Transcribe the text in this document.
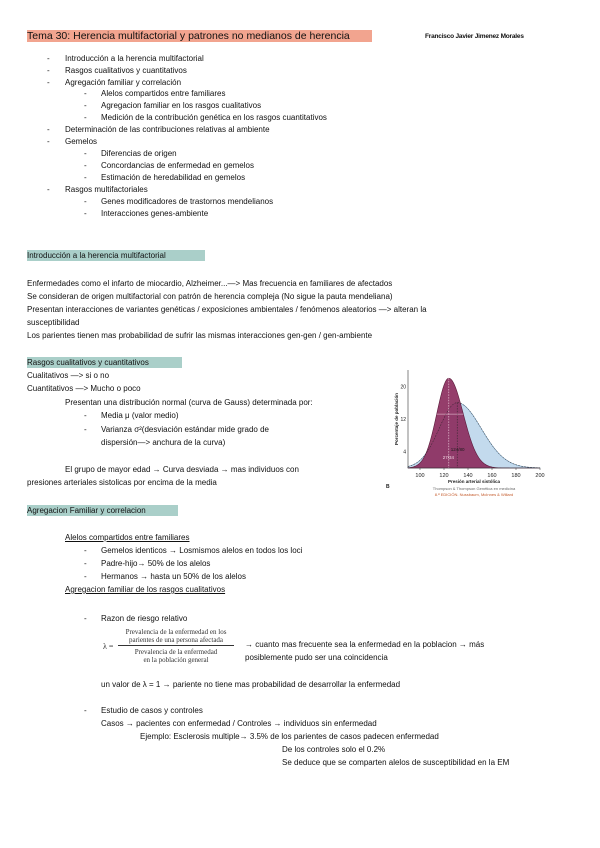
Tema 30: Herencia multifactorial y patrones no medianos de herencia	Francisco Javier Jimenez Morales
- Introducción a la herencia multifactorial
- Rasgos cualitativos y cuantitativos
- Agregación familiar y correlación
- Alelos compartidos entre familiares
- Agregacion familiar en los rasgos cualitativos
- Medición de la contribución genética en los rasgos cuantitativos
- Determinación de las contribuciones relativas al ambiente
- Gemelos
- Diferencias de origen
- Concordancias de enfermedad en gemelos
- Estimación de heredabilidad en gemelos
- Rasgos multifactoriales
- Genes modificadores de trastornos mendelianos
- Interacciones genes-ambiente
Introducción a la herencia multifactorial
Enfermedades como el infarto de miocardio, Alzheimer...—> Mas frecuencia en familiares de afectados
Se consideran de origen multifactorial con patrón de herencia compleja (No sigue la pauta mendeliana)
Presentan interacciones de variantes genéticas / exposiciones ambientales / fenómenos aleatorios —> alteran la
susceptibilidad
Los parientes tienen mas probabilidad de sufrir las mismas interacciones gen-gen / gen-ambiente
Rasgos cualitativos y cuantitativos
Cualitativos —> si o no
Cuantitativos —> Mucho o poco
Presentan una distribución normal (curva de Gauss) determinada por:
- Media μ (valor medio)
- Varianza σ²(desviación estándar mide grado de
dispersión—> anchura de la curva)
El grupo de mayor edad → Curva desviada → mas individuos con
presiones arteriales sistolicas por encima de la media
100	120	140	160	180	200
4
12
20
124/80
27/34
Presión arterial sistólica
Porcentaje de población
B	Thompson & Thompson Genética en medicina
8.ª EDICIÓN. Nussbaum, McInnes & Willard
Agregacion Familiar y correlacion
Alelos compartidos entre familiares
- Gemelos identicos → Losmismos alelos en todos los loci
- Padre-hijo→ 50% de los alelos
- Hermanos → hasta un 50% de los alelos
Agregacion familiar de los rasgos cualitativos
- Razon de riesgo relativo
λ =
Prevalencia de la enfermedad en los
parientes de una persona afectada
Prevalencia de la enfermedad
en la población general
→ cuanto mas frecuente sea la enfermedad en la poblacion → más
posiblemente pudo ser una coincidencia
un valor de λ = 1 → pariente no tiene mas probabilidad de desarrollar la enfermedad
- Estudio de casos y controles
Casos → pacientes con enfermedad / Controles → individuos sin enfermedad
Ejemplo: Esclerosis multiple→ 3.5% de los parientes de casos padecen enfermedad
De los controles solo el 0.2%
Se deduce que se comparten alelos de susceptibilidad en la EM
